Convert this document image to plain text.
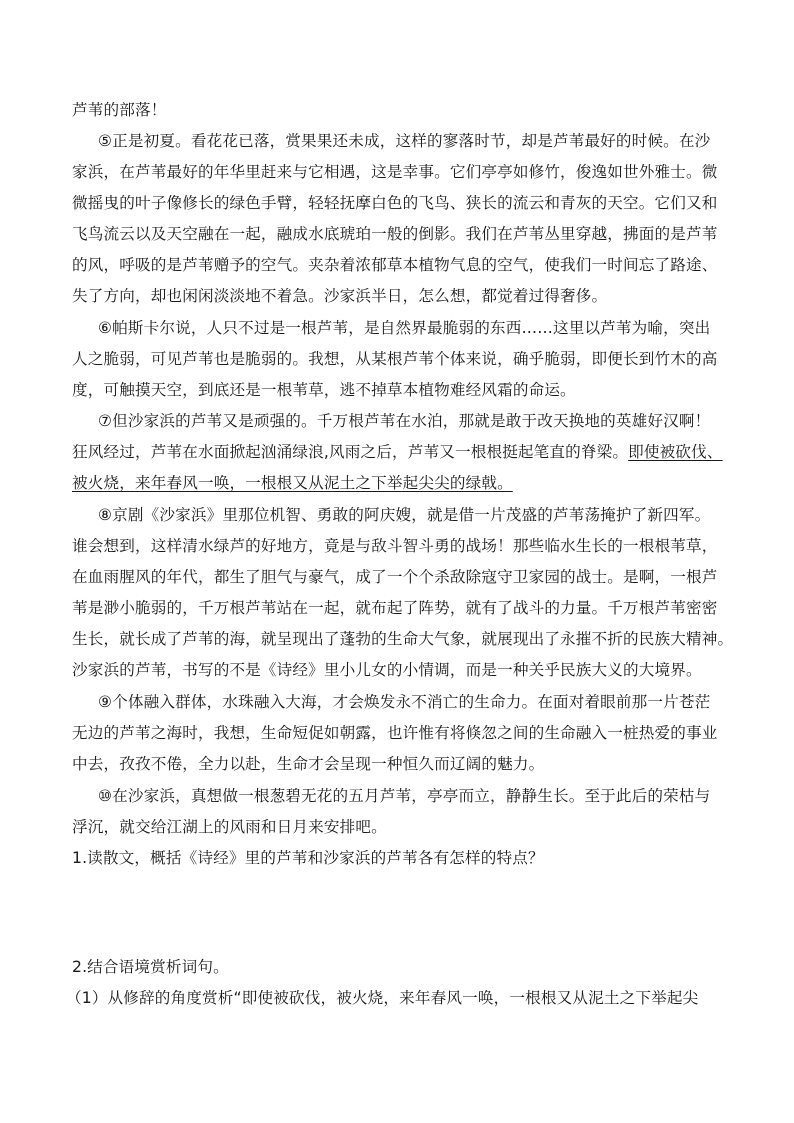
芦苇的部落！
⑤正是初夏。看花花已落，赏果果还未成，这样的寥落时节，却是芦苇最好的时候。在沙
家浜，在芦苇最好的年华里赶来与它相遇，这是幸事。它们亭亭如修竹，俊逸如世外雅士。微
微摇曳的叶子像修长的绿色手臂，轻轻抚摩白色的飞鸟、狭长的流云和青灰的天空。它们又和
飞鸟流云以及天空融在一起，融成水底琥珀一般的倒影。我们在芦苇丛里穿越，拂面的是芦苇
的风，呼吸的是芦苇赠予的空气。夹杂着浓郁草本植物气息的空气，使我们一时间忘了路途、
失了方向，却也闲闲淡淡地不着急。沙家浜半日，怎么想，都觉着过得奢侈。
⑥帕斯卡尔说，人只不过是一根芦苇，是自然界最脆弱的东西……这里以芦苇为喻，突出
人之脆弱，可见芦苇也是脆弱的。我想，从某根芦苇个体来说，确乎脆弱，即便长到竹木的高
度，可触摸天空，到底还是一根苇草，逃不掉草本植物难经风霜的命运。
⑦但沙家浜的芦苇又是顽强的。千万根芦苇在水泊，那就是敢于改天换地的英雄好汉啊！
狂风经过，芦苇在水面掀起汹涌绿浪,风雨之后，芦苇又一根根挺起笔直的脊梁。即使被砍伐、
被火烧，来年春风一唤，一根根又从泥土之下举起尖尖的绿戟。
⑧京剧《沙家浜》里那位机智、勇敢的阿庆嫂，就是借一片茂盛的芦苇荡掩护了新四军。
谁会想到，这样清水绿芦的好地方，竟是与敌斗智斗勇的战场！那些临水生长的一根根苇草，
在血雨腥风的年代，都生了胆气与豪气，成了一个个杀敌除寇守卫家园的战士。是啊，一根芦
苇是渺小脆弱的，千万根芦苇站在一起，就布起了阵势，就有了战斗的力量。千万根芦苇密密
生长，就长成了芦苇的海，就呈现出了蓬勃的生命大气象，就展现出了永摧不折的民族大精神。
沙家浜的芦苇，书写的不是《诗经》里小儿女的小情调，而是一种关乎民族大义的大境界。
⑨个体融入群体，水珠融入大海，才会焕发永不消亡的生命力。在面对着眼前那一片苍茫
无边的芦苇之海时，我想，生命短促如朝露，也许惟有将倏忽之间的生命融入一桩热爱的事业
中去，孜孜不倦，全力以赴，生命才会呈现一种恒久而辽阔的魅力。
⑩在沙家浜，真想做一根葱碧无花的五月芦苇，亭亭而立，静静生长。至于此后的荣枯与
浮沉，就交给江湖上的风雨和日月来安排吧。
1.读散文，概括《诗经》里的芦苇和沙家浜的芦苇各有怎样的特点？
2.结合语境赏析词句。
（1）从修辞的角度赏析“即使被砍伐，被火烧，来年春风一唤，一根根又从泥土之下举起尖
